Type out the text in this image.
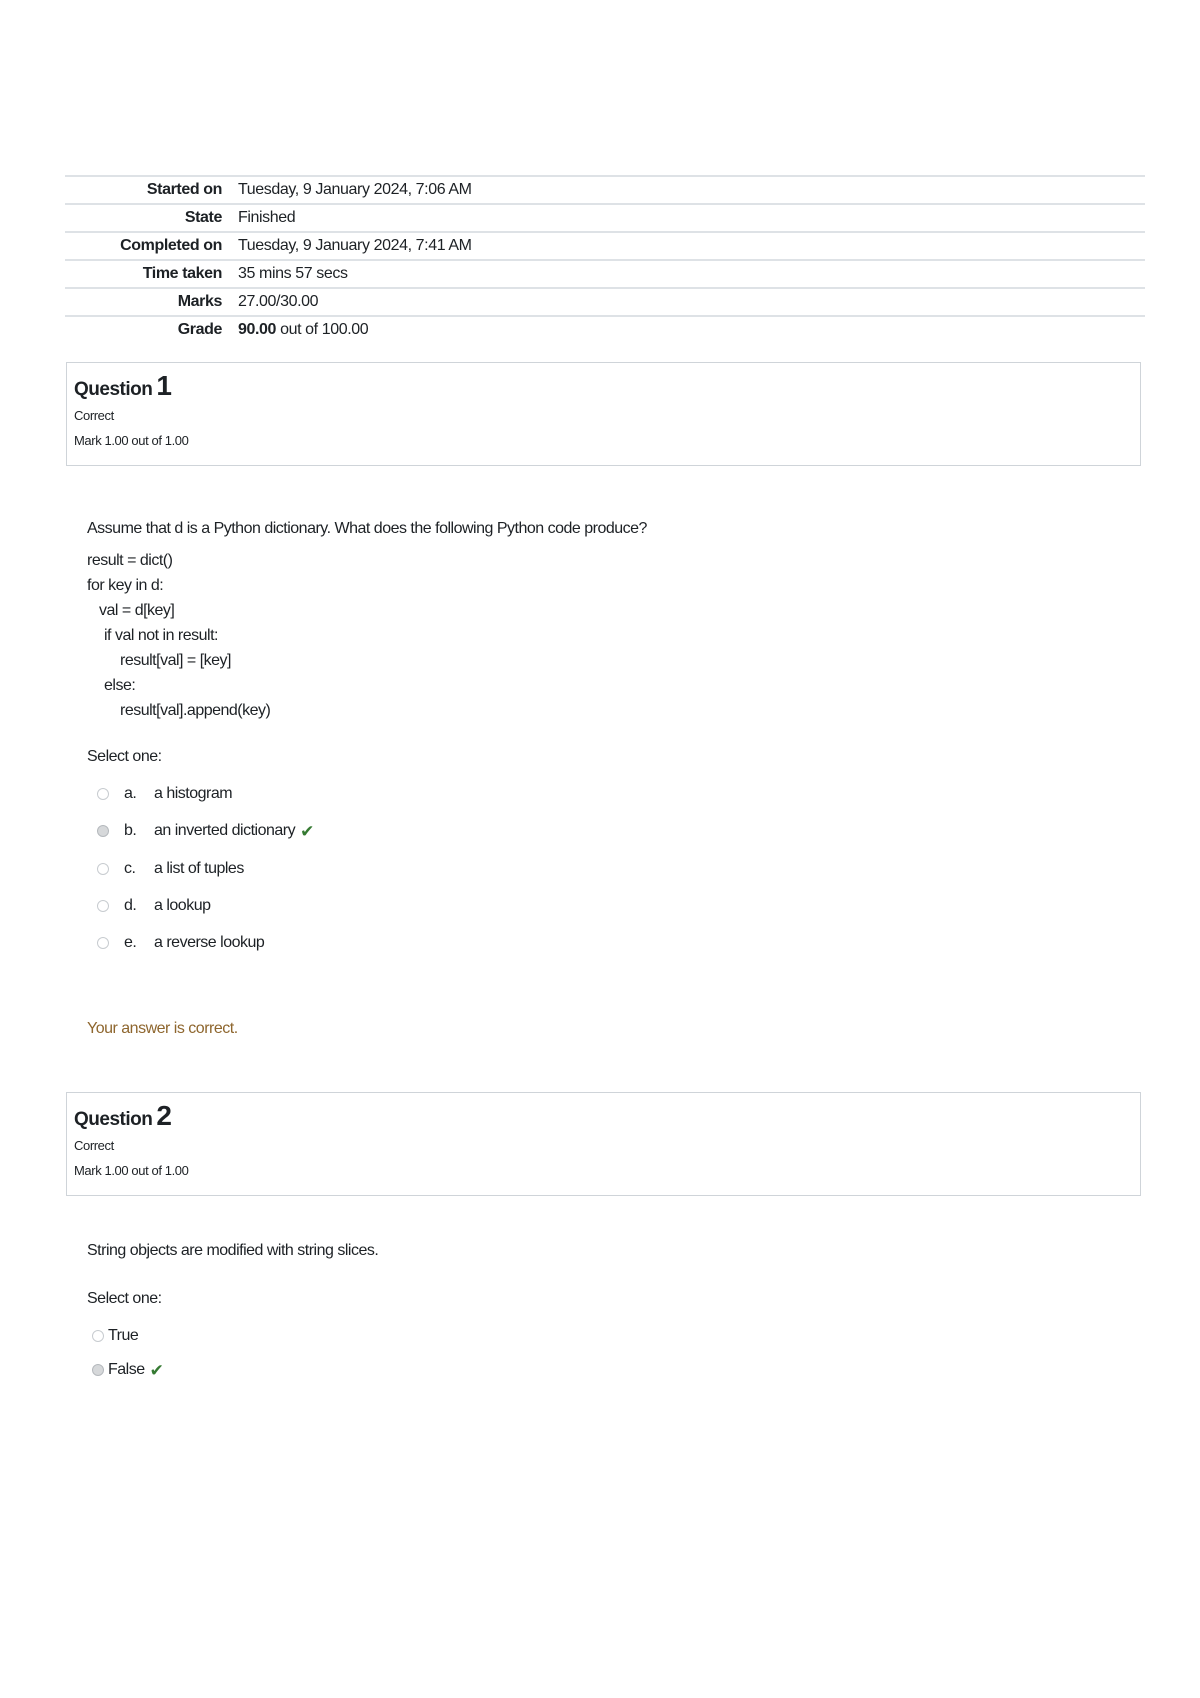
Started on	Tuesday, 9 January 2024, 7:06 AM
State	Finished
Completed on	Tuesday, 9 January 2024, 7:41 AM
Time taken	35 mins 57 secs
Marks	27.00/30.00
Grade	90.00 out of 100.00
Question 1
Correct
Mark 1.00 out of 1.00
Assume that d is a Python dictionary. What does the following Python code produce?
result = dict()
for key in d:
val = d[key]
if val not in result:
result[val] = [key]
else:
result[val].append(key)
Select one:
a.	a histogram
b.	an inverted dictionary ✔
c.	a list of tuples
d.	a lookup
e.	a reverse lookup
Your answer is correct.
Question 2
Correct
Mark 1.00 out of 1.00
String objects are modified with string slices.
Select one:
True
False ✔
